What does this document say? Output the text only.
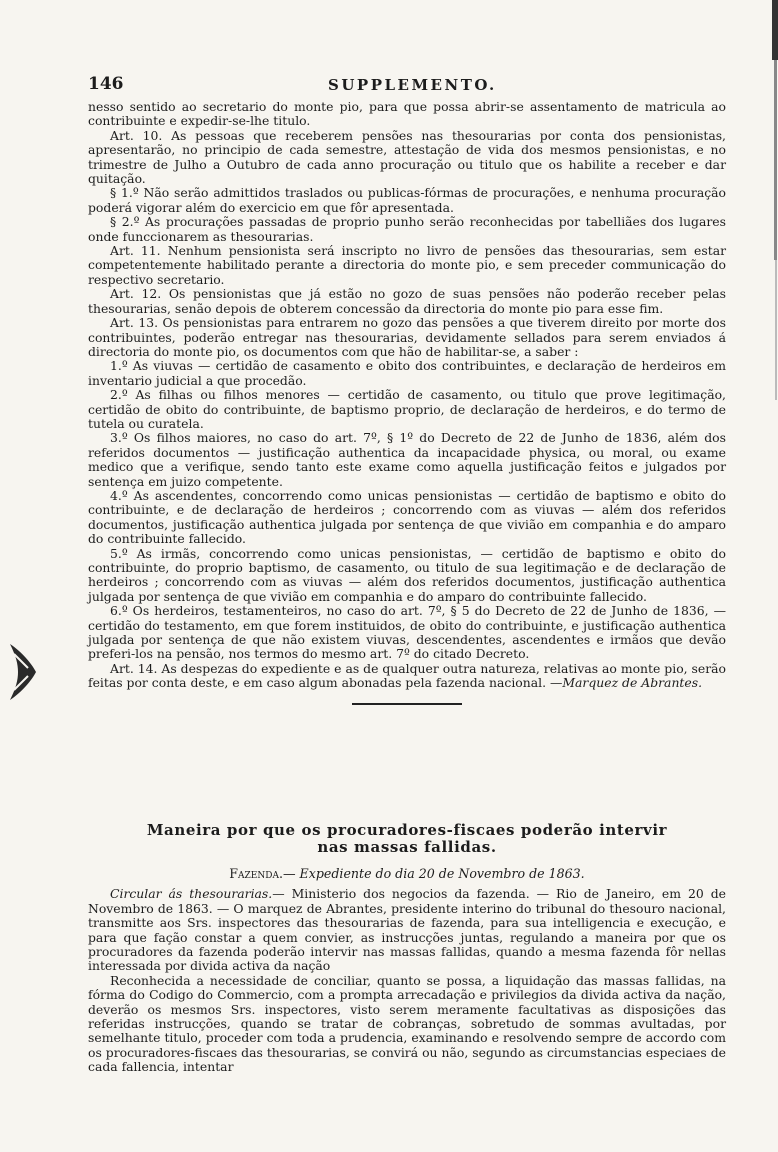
146	SUPPLEMENTO.

nesso sentido ao secretario do monte pio, para que possa abrir-se assentamento de matricula ao contribuinte e expedir-se-lhe titulo.

Art. 10. As pessoas que receberem pensões nas thesourarias por conta dos pensionistas, apresentarão, no principio de cada semestre, attestação de vida dos mesmos pensionistas, e no trimestre de Julho a Outubro de cada anno procuração ou titulo que os habilite a receber e dar quitação.

§ 1.º Não serão admittidos traslados ou publicas-fórmas de procurações, e nenhuma procuração poderá vigorar além do exercicio em que fôr apresentada.

§ 2.º As procurações passadas de proprio punho serão reconhecidas por tabelliães dos lugares onde funccionarem as thesourarias.

Art. 11. Nenhum pensionista será inscripto no livro de pensões das thesourarias, sem estar competentemente habilitado perante a directoria do monte pio, e sem preceder communicação do respectivo secretario.

Art. 12. Os pensionistas que já estão no gozo de suas pensões não poderão receber pelas thesourarias, senão depois de obterem concessão da directoria do monte pio para esse fim.

Art. 13. Os pensionistas para entrarem no gozo das pensões a que tiverem direito por morte dos contribuintes, poderão entregar nas thesourarias, devidamente sellados para serem enviados á directoria do monte pio, os documentos com que hão de habilitar-se, a saber :

1.º As viuvas — certidão de casamento e obito dos contribuintes, e declaração de herdeiros em inventario judicial a que procedão.

2.º As filhas ou filhos menores — certidão de casamento, ou titulo que prove legitimação, certidão de obito do contribuinte, de baptismo proprio, de declaração de herdeiros, e do termo de tutela ou curatela.

3.º Os filhos maiores, no caso do art. 7º, § 1º do Decreto de 22 de Junho de 1836, além dos referidos documentos — justificação authentica da incapacidade physica, ou moral, ou exame medico que a verifique, sendo tanto este exame como aquella justificação feitos e julgados por sentença em juizo competente.

4.º As ascendentes, concorrendo como unicas pensionistas — certidão de baptismo e obito do contribuinte, e de declaração de herdeiros ; concorrendo com as viuvas — além dos referidos documentos, justificação authentica julgada por sentença de que vivião em companhia e do amparo do contribuinte fallecido.

5.º As irmãs, concorrendo como unicas pensionistas, — certidão de baptismo e obito do contribuinte, do proprio baptismo, de casamento, ou titulo de sua legitimação e de declaração de herdeiros ; concorrendo com as viuvas — além dos referidos documentos, justificação authentica julgada por sentença de que vivião em companhia e do amparo do contribuinte fallecido.

6.º Os herdeiros, testamenteiros, no caso do art. 7º, § 5 do Decreto de 22 de Junho de 1836, — certidão do testamento, em que forem instituidos, de obito do contribuinte, e justificação authentica julgada por sentença de que não existem viuvas, descendentes, ascendentes e irmãos que devão preferi-los na pensão, nos termos do mesmo art. 7º do citado Decreto.

Art. 14. As despezas do expediente e as de qualquer outra natureza, relativas ao monte pio, serão feitas por conta deste, e em caso algum abonadas pela fazenda nacional. —Marquez de Abrantes.

Maneira por que os procuradores-fiscaes poderão intervir
nas massas fallidas.

Fazenda.— Expediente do dia 20 de Novembro de 1863.

Circular ás thesourarias.— Ministerio dos negocios da fazenda. — Rio de Janeiro, em 20 de Novembro de 1863. — O marquez de Abrantes, presidente interino do tribunal do thesouro nacional, transmitte aos Srs. inspectores das thesourarias de fazenda, para sua intelligencia e execução, e para que fação constar a quem convier, as instrucções juntas, regulando a maneira por que os procuradores da fazenda poderão intervir nas massas fallidas, quando a mesma fazenda fôr nellas interessada por divida activa da nação

Reconhecida a necessidade de conciliar, quanto se possa, a liquidação das massas fallidas, na fórma do Codigo do Commercio, com a prompta arrecadação e privilegios da divida activa da nação, deverão os mesmos Srs. inspectores, visto serem meramente facultativas as disposições das referidas instrucções, quando se tratar de cobranças, sobretudo de sommas avultadas, por semelhante titulo, proceder com toda a prudencia, examinando e resolvendo sempre de accordo com os procuradores-fiscaes das thesourarias, se convirá ou não, segundo as circumstancias especiaes de cada fallencia, intentar
